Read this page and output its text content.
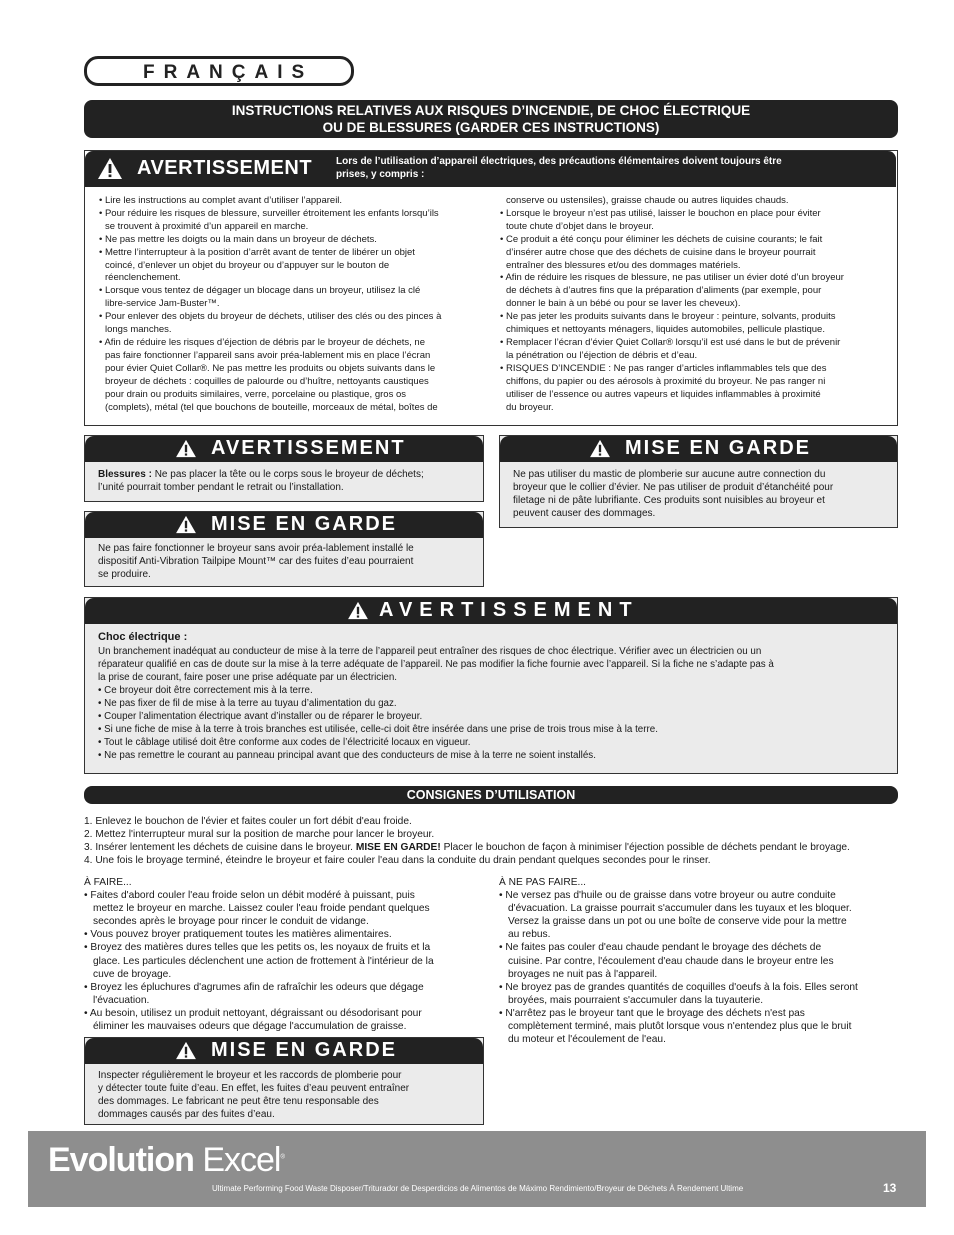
FRANÇAIS
INSTRUCTIONS RELATIVES AUX RISQUES D’INCENDIE, DE CHOC ÉLECTRIQUE
OU DE BLESSURES (GARDER CES INSTRUCTIONS)
AVERTISSEMENT Lors de l’utilisation d’appareil électriques, des précautions élémentaires doivent toujours être
prises, y compris :

• Lire les instructions au complet avant d’utiliser l’appareil.

• Pour réduire les risques de blessure, surveiller étroitement les enfants lorsqu’ils

se trouvent à proximité d’un appareil en marche.

• Ne pas mettre les doigts ou la main dans un broyeur de déchets.

• Mettre l’interrupteur à la position d’arrêt avant de tenter de libérer un objet

coincé, d’enlever un objet du broyeur ou d’appuyer sur le bouton de

réenclenchement.

• Lorsque vous tentez de dégager un blocage dans un broyeur, utilisez la clé

libre-service Jam-Buster™.

• Pour enlever des objets du broyeur de déchets, utiliser des clés ou des pinces à

longs manches.

• Afin de réduire les risques d’éjection de débris par le broyeur de déchets, ne

pas faire fonctionner l’appareil sans avoir préa-lablement mis en place l’écran

pour évier Quiet Collar®. Ne pas mettre les produits ou objets suivants dans le

broyeur de déchets : coquilles de palourde ou d’huître, nettoyants caustiques

pour drain ou produits similaires, verre, porcelaine ou plastique, gros os

(complets), métal (tel que bouchons de bouteille, morceaux de métal, boîtes de

conserve ou ustensiles), graisse chaude ou autres liquides chauds.

• Lorsque le broyeur n’est pas utilisé, laisser le bouchon en place pour éviter

toute chute d’objet dans le broyeur.

• Ce produit a été conçu pour éliminer les déchets de cuisine courants; le fait

d’insérer autre chose que des déchets de cuisine dans le broyeur pourrait

entraîner des blessures et/ou des dommages matériels.

• Afin de réduire les risques de blessure, ne pas utiliser un évier doté d’un broyeur

de déchets à d’autres fins que la préparation d’aliments (par exemple, pour

donner le bain à un bébé ou pour se laver les cheveux).

• Ne pas jeter les produits suivants dans le broyeur : peinture, solvants, produits

chimiques et nettoyants ménagers, liquides automobiles, pellicule plastique.

• Remplacer l’écran d’évier Quiet Collar® lorsqu’il est usé dans le but de prévenir

la pénétration ou l’éjection de débris et d’eau.

• RISQUES D’INCENDIE : Ne pas ranger d’articles inflammables tels que des

chiffons, du papier ou des aérosols à proximité du broyeur. Ne pas ranger ni

utiliser de l’essence ou autres vapeurs et liquides inflammables à proximité

du broyeur.

AVERTISSEMENT
Blessures : Ne pas placer la tête ou le corps sous le broyeur de déchets;
l’unité pourrait tomber pendant le retrait ou l’installation.
MISE EN GARDE
Ne pas utiliser du mastic de plomberie sur aucune autre connection du
broyeur que le collier d’évier. Ne pas utiliser de produit d’étanchéité pour
filetage ni de pâte lubrifiante. Ces produits sont nuisibles au broyeur et
peuvent causer des dommages.
MISE EN GARDE
Ne pas faire fonctionner le broyeur sans avoir préa-lablement installé le
dispositif Anti-Vibration Tailpipe Mount™ car des fuites d’eau pourraient
se produire.
AVERTISSEMENT
Choc électrique :
Un branchement inadéquat au conducteur de mise à la terre de l’appareil peut entraîner des risques de choc électrique. Vérifier avec un électricien ou un
réparateur qualifié en cas de doute sur la mise à la terre adéquate de l’appareil. Ne pas modifier la fiche fournie avec l’appareil. Si la fiche ne s’adapte pas à
la prise de courant, faire poser une prise adéquate par un électricien.
• Ce broyeur doit être correctement mis à la terre.
• Ne pas fixer de fil de mise à la terre au tuyau d’alimentation du gaz.
• Couper l’alimentation électrique avant d’installer ou de réparer le broyeur.
• Si une fiche de mise à la terre à trois branches est utilisée, celle-ci doit être insérée dans une prise de trois trous mise à la terre.
• Tout le câblage utilisé doit être conforme aux codes de l’électricité locaux en vigueur.
• Ne pas remettre le courant au panneau principal avant que des conducteurs de mise à la terre ne soient installés.
CONSIGNES D’UTILISATION

1. Enlevez le bouchon de l'évier et faites couler un fort débit d'eau froide.

2. Mettez l'interrupteur mural sur la position de marche pour lancer le broyeur.

3. Insérer lentement les déchets de cuisine dans le broyeur. MISE EN GARDE! Placer le bouchon de façon à minimiser l'éjection possible de déchets pendant le broyage.

4. Une fois le broyage terminé, éteindre le broyeur et faire couler l'eau dans la conduite du drain pendant quelques secondes pour le rinser.

À FAIRE...

• Faites d'abord couler l'eau froide selon un débit modéré à puissant, puis

mettez le broyeur en marche. Laissez couler l'eau froide pendant quelques

secondes après le broyage pour rincer le conduit de vidange.

• Vous pouvez broyer pratiquement toutes les matières alimentaires.

• Broyez des matières dures telles que les petits os, les noyaux de fruits et la

glace. Les particules déclenchent une action de frottement à l'intérieur de la

cuve de broyage.

• Broyez les épluchures d'agrumes afin de rafraîchir les odeurs que dégage

l'évacuation.

• Au besoin, utilisez un produit nettoyant, dégraissant ou désodorisant pour

éliminer les mauvaises odeurs que dégage l'accumulation de graisse.

À NE PAS FAIRE...

• Ne versez pas d'huile ou de graisse dans votre broyeur ou autre conduite

d'évacuation. La graisse pourrait s'accumuler dans les tuyaux et les bloquer.

Versez la graisse dans un pot ou une boîte de conserve vide pour la mettre

au rebus.

• Ne faites pas couler d'eau chaude pendant le broyage des déchets de

cuisine. Par contre, l'écoulement d'eau chaude dans le broyeur entre les

broyages ne nuit pas à l'appareil.

• Ne broyez pas de grandes quantités de coquilles d'oeufs à la fois. Elles seront

broyées, mais pourraient s'accumuler dans la tuyauterie.

• N'arrêtez pas le broyeur tant que le broyage des déchets n'est pas

complètement terminé, mais plutôt lorsque vous n'entendez plus que le bruit

du moteur et l'écoulement de l'eau.

MISE EN GARDE
Inspecter régulièrement le broyeur et les raccords de plomberie pour
y détecter toute fuite d’eau. En effet, les fuites d’eau peuvent entraîner
des dommages. Le fabricant ne peut être tenu responsable des
dommages causés par des fuites d’eau.
Evolution Excel®
Ultimate Performing Food Waste Disposer/Triturador de Desperdicios de Alimentos de Máximo Rendimiento/Broyeur de Déchets À Rendement Ultime	13
